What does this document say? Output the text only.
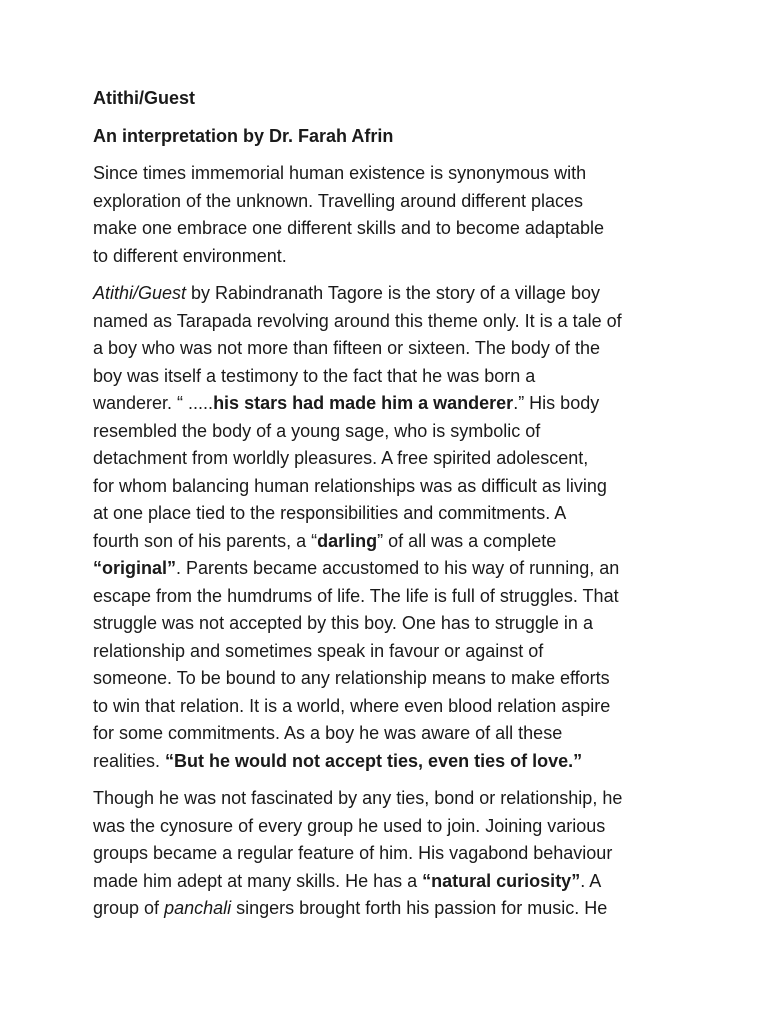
Atithi/Guest

An interpretation by Dr. Farah Afrin

Since times immemorial human existence is synonymous with
exploration of the unknown. Travelling around different places
make one embrace one different skills and to become adaptable
to different environment.

Atithi/Guest by Rabindranath Tagore is the story of a village boy
named as Tarapada revolving around this theme only. It is a tale of
a boy who was not more than fifteen or sixteen. The body of the
boy was itself a testimony to the fact that he was born a
wanderer. “ .....his stars had made him a wanderer.” His body
resembled the body of a young sage, who is symbolic of
detachment from worldly pleasures. A free spirited adolescent,
for whom balancing human relationships was as difficult as living
at one place tied to the responsibilities and commitments. A
fourth son of his parents, a “darling” of all was a complete
“original”. Parents became accustomed to his way of running, an
escape from the humdrums of life. The life is full of struggles. That
struggle was not accepted by this boy. One has to struggle in a
relationship and sometimes speak in favour or against of
someone. To be bound to any relationship means to make efforts
to win that relation. It is a world, where even blood relation aspire
for some commitments. As a boy he was aware of all these
realities. “But he would not accept ties, even ties of love.”

Though he was not fascinated by any ties, bond or relationship, he
was the cynosure of every group he used to join. Joining various
groups became a regular feature of him. His vagabond behaviour
made him adept at many skills. He has a “natural curiosity”. A
group of panchali singers brought forth his passion for music. He
